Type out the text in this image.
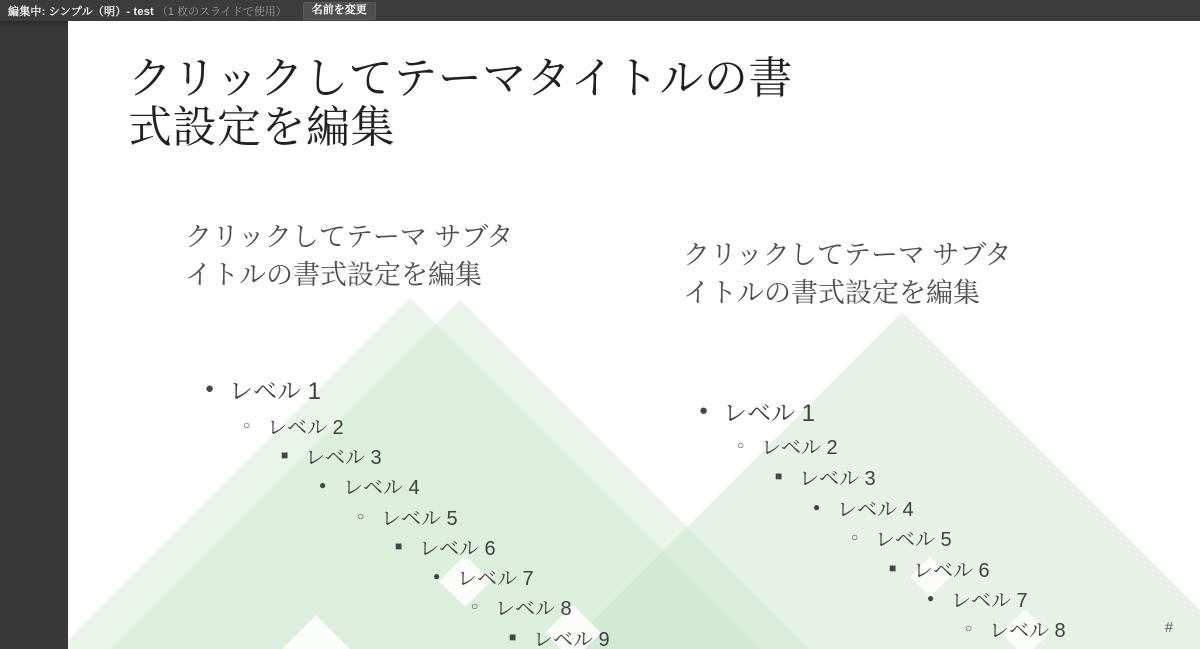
編集中: シンプル（明）- test （1 枚のスライドで使用）	名前を変更
クリックしてテーマタイトルの書
式設定を編集
クリックしてテーマ サブタ
イトルの書式設定を編集
クリックしてテーマ サブタ
イトルの書式設定を編集
● レベル 1
○ レベル 2
■ レベル 3
● レベル 4
○ レベル 5
■ レベル 6
● レベル 7
○ レベル 8
■ レベル 9
● レベル 1
○ レベル 2
■ レベル 3
● レベル 4
○ レベル 5
■ レベル 6
● レベル 7
○ レベル 8	#
